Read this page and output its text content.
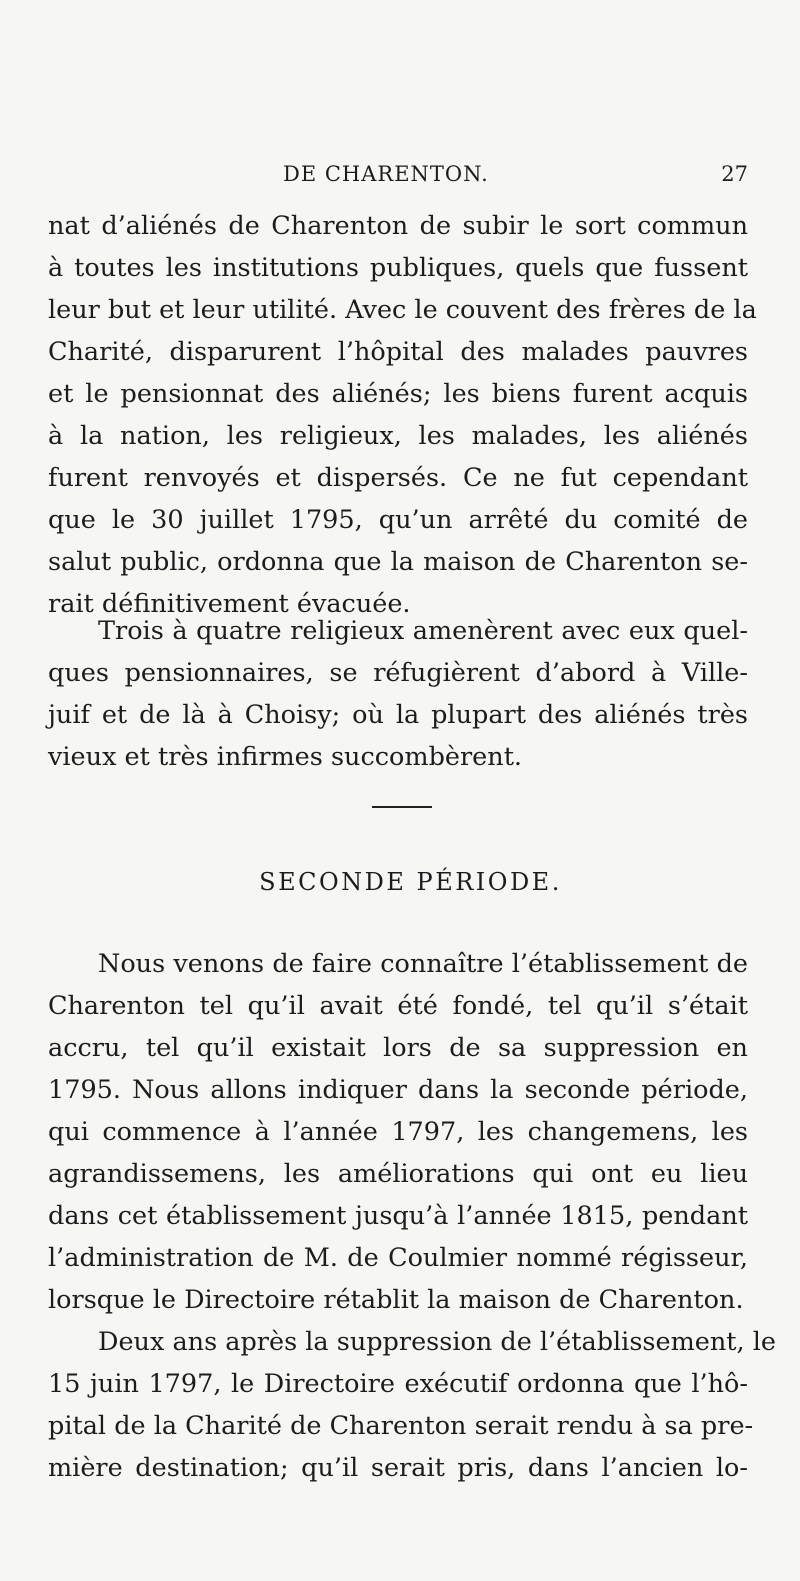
DE CHARENTON.	27
nat d’aliénés de Charenton de subir le sort commun
à toutes les institutions publiques, quels que fussent
leur but et leur utilité. Avec le couvent des frères de la
Charité, disparurent l’hôpital des malades pauvres
et le pensionnat des aliénés; les biens furent acquis
à la nation, les religieux, les malades, les aliénés
furent renvoyés et dispersés. Ce ne fut cependant
que le 30 juillet 1795, qu’un arrêté du comité de
salut public, ordonna que la maison de Charenton se-
rait définitivement évacuée.
Trois à quatre religieux amenèrent avec eux quel-
ques pensionnaires, se réfugièrent d’abord à Ville-
juif et de là à Choisy; où la plupart des aliénés très
vieux et très infirmes succombèrent.
SECONDE PÉRIODE.
Nous venons de faire connaître l’établissement de
Charenton tel qu’il avait été fondé, tel qu’il s’était
accru, tel qu’il existait lors de sa suppression en
1795. Nous allons indiquer dans la seconde période,
qui commence à l’année 1797, les changemens, les
agrandissemens, les améliorations qui ont eu lieu
dans cet établissement jusqu’à l’année 1815, pendant
l’administration de M. de Coulmier nommé régisseur,
lorsque le Directoire rétablit la maison de Charenton.
Deux ans après la suppression de l’établissement, le
15 juin 1797, le Directoire exécutif ordonna que l’hô-
pital de la Charité de Charenton serait rendu à sa pre-
mière destination; qu’il serait pris, dans l’ancien lo-
